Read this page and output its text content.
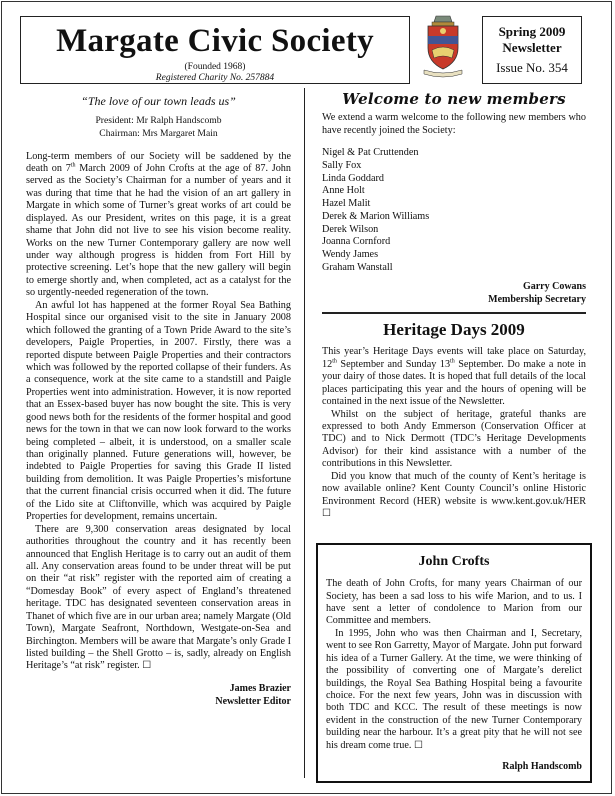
Margate Civic Society
(Founded 1968)
Registered Charity No. 257884
Spring 2009
Newsletter
Issue No. 354
“The love of our town leads us”
President: Mr Ralph Handscomb
Chairman: Mrs Margaret Main

Long-term members of our Society will be saddened by the death on 7th March 2009 of John Crofts at the age of 87. John served as the Society’s Chairman for a number of years and it was during that time that he had the vision of an art gallery in Margate in which some of Turner’s great works of art could be displayed. As our President, writes on this page, it is a great shame that John did not live to see his vision become reality. Works on the new Turner Contemporary gallery are now well under way although progress is hidden from Fort Hill by protective screening. Let’s hope that the new gallery will begin to emerge shortly and, when completed, act as a catalyst for the so urgently-needed regeneration of the town.

An awful lot has happened at the former Royal Sea Bathing Hospital since our organised visit to the site in January 2008 which followed the granting of a Town Pride Award to the site’s developers, Paigle Properties, in 2007. Firstly, there was a reported dispute between Paigle Properties and their contractors which was followed by the reported collapse of their funders. As a consequence, work at the site came to a standstill and Paigle Properties went into administration. However, it is now reported that an Essex-based buyer has now bought the site. This is very good news both for the residents of the former hospital and good news for the town in that we can now look forward to the works being completed – albeit, it is understood, on a smaller scale than originally planned. Future generations will, however, be indebted to Paigle Properties for saving this Grade II listed building from demolition. It was Paigle Properties’s misfortune that the current financial crisis occurred when it did. The future of the Lido site at Cliftonville, which was acquired by Paigle Properties for development, remains uncertain.

There are 9,300 conservation areas designated by local authorities throughout the country and it has recently been announced that English Heritage is to carry out an audit of them all. Any conservation areas found to be under threat will be put on their “at risk” register with the reported aim of creating a “Domesday Book” of every aspect of England’s threatened heritage. TDC has designated seventeen conservation areas in Thanet of which five are in our urban area; namely Margate (Old Town), Margate Seafront, Northdown, Westgate-on-Sea and Birchington. Members will be aware that Margate’s only Grade I listed building – the Shell Grotto – is, sadly, already on English Heritage’s “at risk” register. ☐

James Brazier
Newsletter Editor
Welcome to new members
We extend a warm welcome to the following new members who have recently joined the Society:
Nigel & Pat Cruttenden
Sally Fox
Linda Goddard
Anne Holt
Hazel Malit
Derek & Marion Williams
Derek Wilson
Joanna Cornford
Wendy James
Graham Wanstall
Garry Cowans
Membership Secretary
Heritage Days 2009

This year’s Heritage Days events will take place on Saturday, 12th September and Sunday 13th September. Do make a note in your dairy of those dates. It is hoped that full details of the local places participating this year and the hours of opening will be contained in the next issue of the Newsletter.

Whilst on the subject of heritage, grateful thanks are expressed to both Andy Emmerson (Conservation Officer at TDC) and to Nick Dermott (TDC’s Heritage Developments Advisor) for their kind assistance with a number of the contributions in this Newsletter.

Did you know that much of the county of Kent’s heritage is now available online? Kent County Council’s online Historic Environment Record (HER) website is www.kent.gov.uk/HER ☐

John Crofts

The death of John Crofts, for many years Chairman of our Society, has been a sad loss to his wife Marion, and to us. I have sent a letter of condolence to Marion from our Committee and members.

In 1995, John who was then Chairman and I, Secretary, went to see Ron Garretty, Mayor of Margate. John put forward his idea of a Turner Gallery. At the time, we were thinking of the possibility of converting one of Margate’s derelict buildings, the Royal Sea Bathing Hospital being a favourite choice. For the next few years, John was in discussion with both TDC and KCC. The result of these meetings is now evident in the construction of the new Turner Contemporary building near the harbour. It’s a great pity that he will not see his dream come true. ☐

Ralph Handscomb
